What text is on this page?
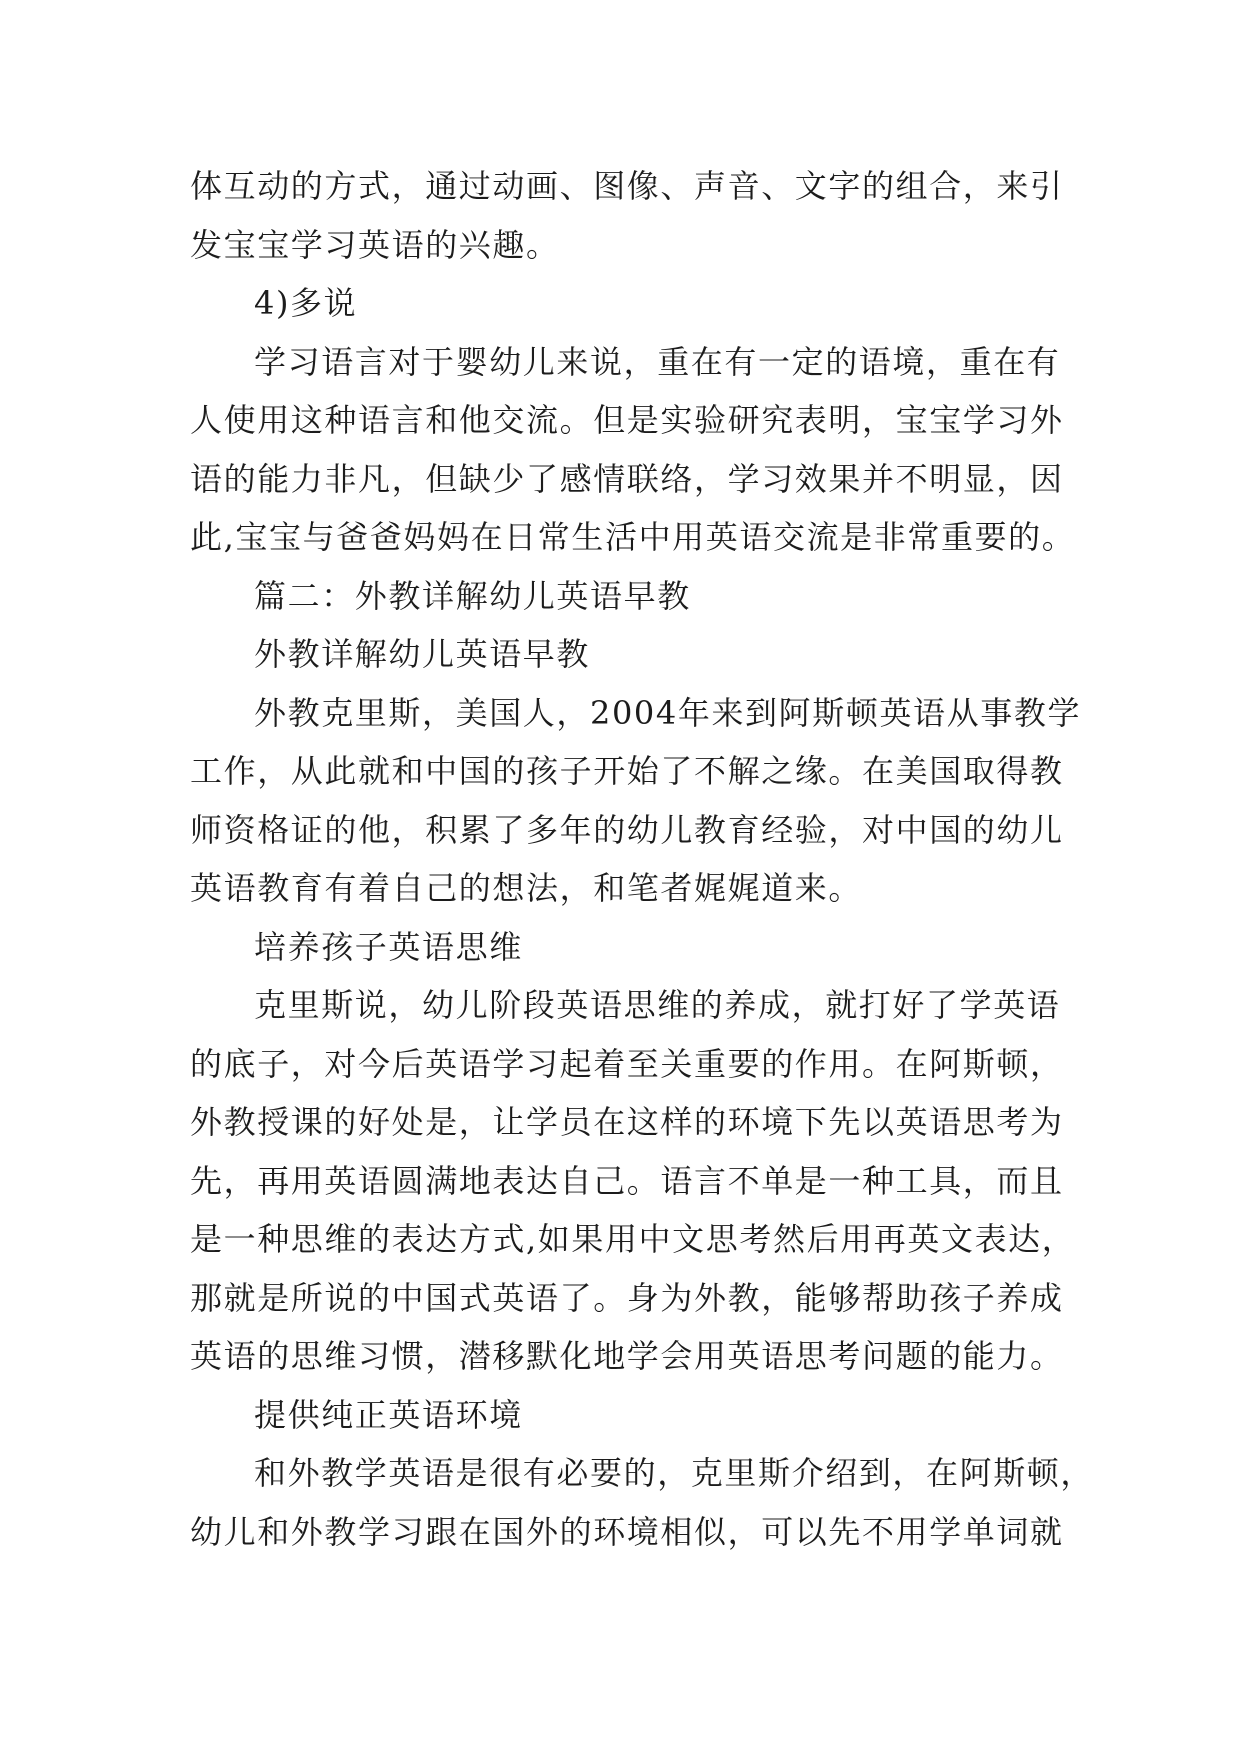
体互动的方式，通过动画、图像、声音、文字的组合，来引
发宝宝学习英语的兴趣。
4)多说
学习语言对于婴幼儿来说，重在有一定的语境，重在有
人使用这种语言和他交流。但是实验研究表明，宝宝学习外
语的能力非凡，但缺少了感情联络，学习效果并不明显，因
此,宝宝与爸爸妈妈在日常生活中用英语交流是非常重要的。
篇二：外教详解幼儿英语早教
外教详解幼儿英语早教
外教克里斯，美国人，2004年来到阿斯顿英语从事教学
工作，从此就和中国的孩子开始了不解之缘。在美国取得教
师资格证的他，积累了多年的幼儿教育经验，对中国的幼儿
英语教育有着自己的想法，和笔者娓娓道来。
培养孩子英语思维
克里斯说，幼儿阶段英语思维的养成，就打好了学英语
的底子，对今后英语学习起着至关重要的作用。在阿斯顿，
外教授课的好处是，让学员在这样的环境下先以英语思考为
先，再用英语圆满地表达自己。语言不单是一种工具，而且
是一种思维的表达方式,如果用中文思考然后用再英文表达，
那就是所说的中国式英语了。身为外教，能够帮助孩子养成
英语的思维习惯，潜移默化地学会用英语思考问题的能力。
提供纯正英语环境
和外教学英语是很有必要的，克里斯介绍到，在阿斯顿，
幼儿和外教学习跟在国外的环境相似，可以先不用学单词就
